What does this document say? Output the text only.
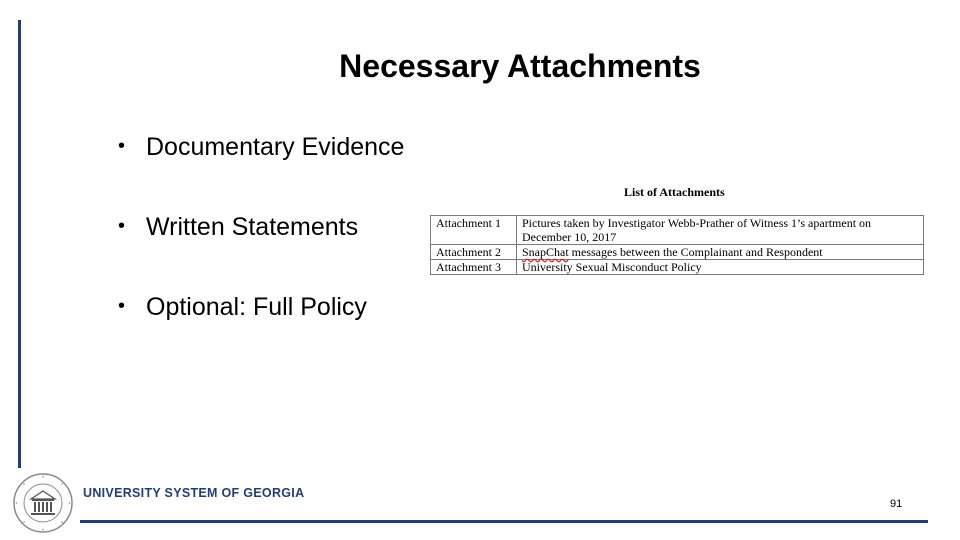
Necessary Attachments
• Documentary Evidence
• Written Statements
• Optional: Full Policy
List of Attachments
Attachment 1	Pictures taken by Investigator Webb-Prather of Witness 1’s apartment on December 10, 2017
Attachment 2	SnapChat messages between the Complainant and Respondent
Attachment 3	University Sexual Misconduct Policy
UNIVERSITY SYSTEM OF GEORGIA
91
